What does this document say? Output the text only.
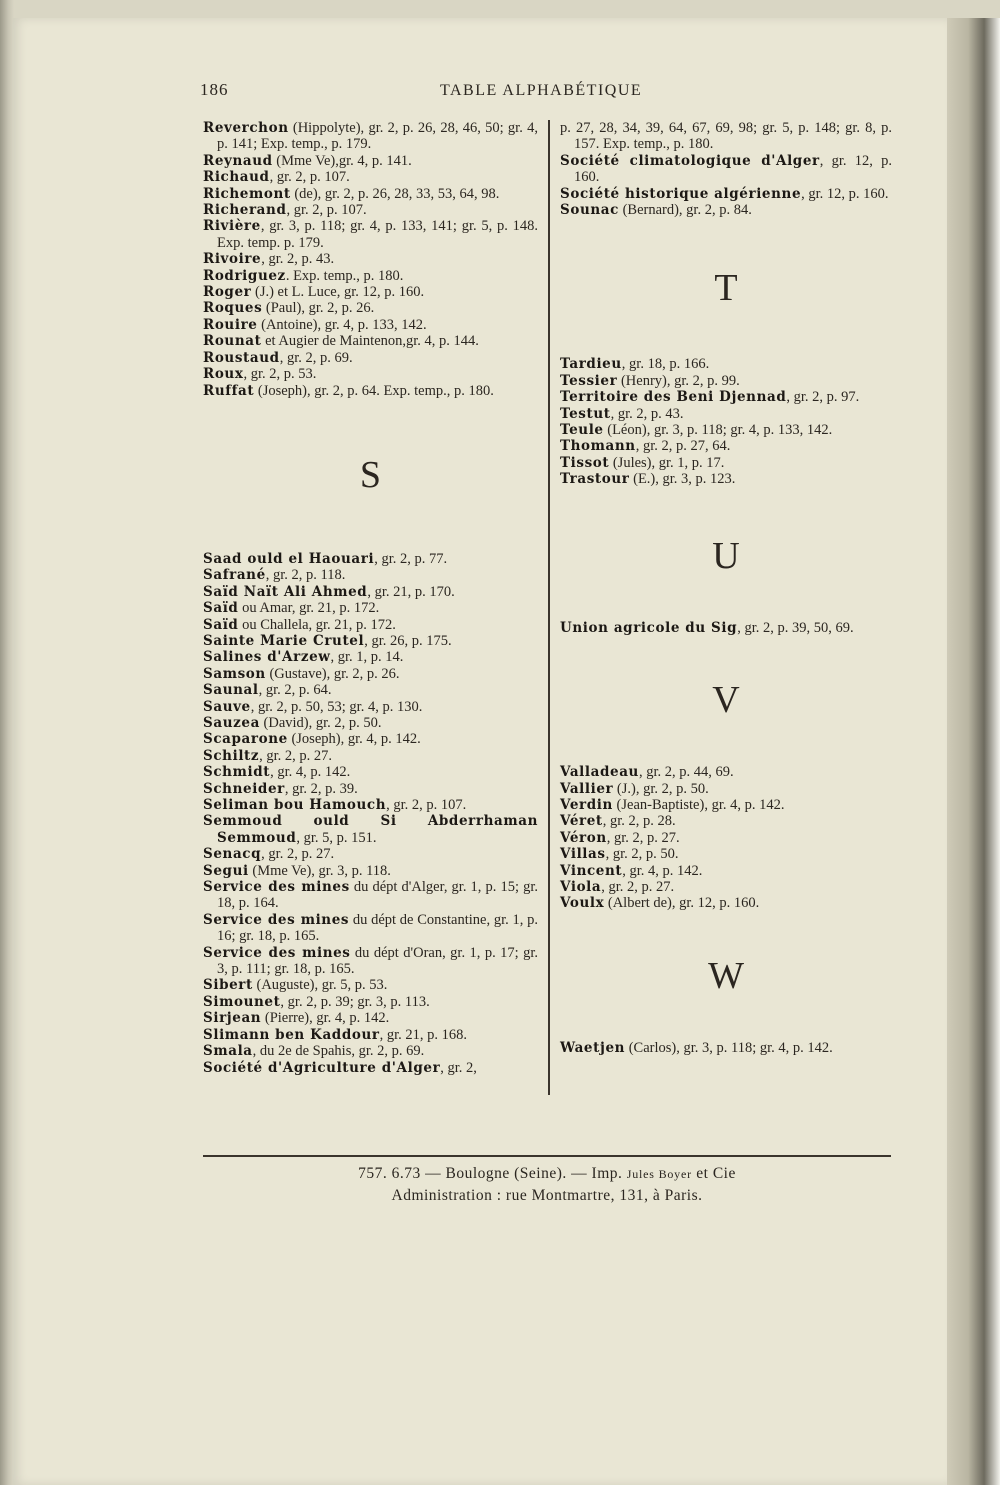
186	TABLE ALPHABÉTIQUE

Reverchon (Hippolyte), gr. 2, p. 26, 28, 46, 50; gr. 4, p. 141; Exp. temp., p. 179.

Reynaud (Mme Ve),gr. 4, p. 141.

Richaud, gr. 2, p. 107.

Richemont (de), gr. 2, p. 26, 28, 33, 53, 64, 98.

Richerand, gr. 2, p. 107.

Rivière, gr. 3, p. 118; gr. 4, p. 133, 141; gr. 5, p. 148. Exp. temp. p. 179.

Rivoire, gr. 2, p. 43.

Rodriguez. Exp. temp., p. 180.

Roger (J.) et L. Luce, gr. 12, p. 160.

Roques (Paul), gr. 2, p. 26.

Rouire (Antoine), gr. 4, p. 133, 142.

Rounat et Augier de Maintenon,gr. 4, p. 144.

Roustaud, gr. 2, p. 69.

Roux, gr. 2, p. 53.

Ruffat (Joseph), gr. 2, p. 64. Exp. temp., p. 180.

S

Saad ould el Haouari, gr. 2, p. 77.

Safrané, gr. 2, p. 118.

Saïd Naït Ali Ahmed, gr. 21, p. 170.

Saïd ou Amar, gr. 21, p. 172.

Saïd ou Challela, gr. 21, p. 172.

Sainte Marie Crutel, gr. 26, p. 175.

Salines d'Arzew, gr. 1, p. 14.

Samson (Gustave), gr. 2, p. 26.

Saunal, gr. 2, p. 64.

Sauve, gr. 2, p. 50, 53; gr. 4, p. 130.

Sauzea (David), gr. 2, p. 50.

Scaparone (Joseph), gr. 4, p. 142.

Schiltz, gr. 2, p. 27.

Schmidt, gr. 4, p. 142.

Schneider, gr. 2, p. 39.

Seliman bou Hamouch, gr. 2, p. 107.

Semmoud ould Si Abderrhaman Semmoud, gr. 5, p. 151.

Senacq, gr. 2, p. 27.

Segui (Mme Ve), gr. 3, p. 118.

Service des mines du dépt d'Alger, gr. 1, p. 15; gr. 18, p. 164.

Service des mines du dépt de Constantine, gr. 1, p. 16; gr. 18, p. 165.

Service des mines du dépt d'Oran, gr. 1, p. 17; gr. 3, p. 111; gr. 18, p. 165.

Sibert (Auguste), gr. 5, p. 53.

Simounet, gr. 2, p. 39; gr. 3, p. 113.

Sirjean (Pierre), gr. 4, p. 142.

Slimann ben Kaddour, gr. 21, p. 168.

Smala, du 2e de Spahis, gr. 2, p. 69.

Société d'Agriculture d'Alger, gr. 2,

p. 27, 28, 34, 39, 64, 67, 69, 98; gr. 5, p. 148; gr. 8, p. 157. Exp. temp., p. 180.

Société climatologique d'Alger, gr. 12, p. 160.

Société historique algérienne, gr. 12, p. 160.

Sounac (Bernard), gr. 2, p. 84.

T

Tardieu, gr. 18, p. 166.

Tessier (Henry), gr. 2, p. 99.

Territoire des Beni Djennad, gr. 2, p. 97.

Testut, gr. 2, p. 43.

Teule (Léon), gr. 3, p. 118; gr. 4, p. 133, 142.

Thomann, gr. 2, p. 27, 64.

Tissot (Jules), gr. 1, p. 17.

Trastour (E.), gr. 3, p. 123.

U

Union agricole du Sig, gr. 2, p. 39, 50, 69.

V

Valladeau, gr. 2, p. 44, 69.

Vallier (J.), gr. 2, p. 50.

Verdin (Jean-Baptiste), gr. 4, p. 142.

Véret, gr. 2, p. 28.

Véron, gr. 2, p. 27.

Villas, gr. 2, p. 50.

Vincent, gr. 4, p. 142.

Viola, gr. 2, p. 27.

Voulx (Albert de), gr. 12, p. 160.

W

Waetjen (Carlos), gr. 3, p. 118; gr. 4, p. 142.

757. 6.73 — Boulogne (Seine). — Imp. Jules Boyer et Cie

Administration : rue Montmartre, 131, à Paris.
